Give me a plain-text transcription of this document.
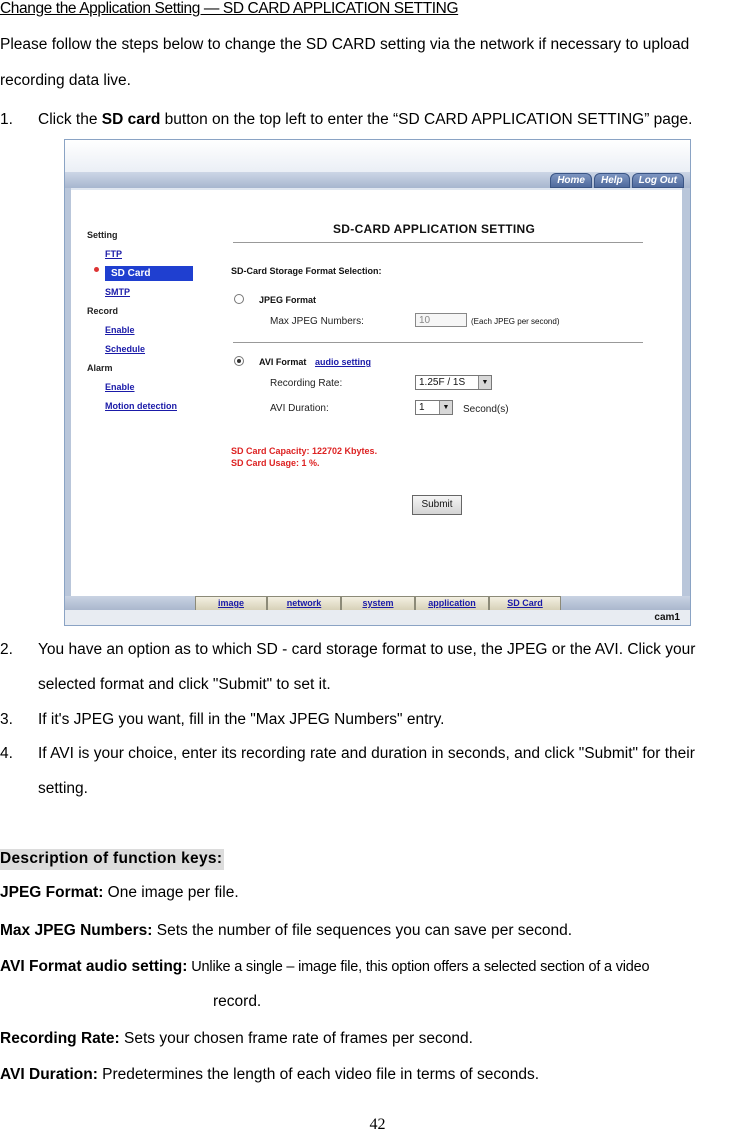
Change the Application Setting — SD CARD APPLICATION SETTING
Please follow the steps below to change the SD CARD setting via the network if necessary to upload
recording data live.
1. Click the SD card button on the top left to enter the “SD CARD APPLICATION SETTING” page.
Home	Help	Log Out
Setting
FTP
SD Card
SMTP
Record
Enable
Schedule
Alarm
Enable
Motion detection
SD-CARD APPLICATION SETTING
SD-Card Storage Format Selection:
JPEG Format
Max JPEG Numbers:	10	(Each JPEG per second)
AVI Format audio setting
Recording Rate:	1.25F / 1S	▼
AVI Duration:	1	▼ Second(s)
SD Card Capacity: 122702 Kbytes.
SD Card Usage: 1 %.
Submit
image	network	system	application	SD Card
cam1
2. You have an option as to which SD - card storage format to use, the JPEG or the AVI. Click your
selected format and click "Submit" to set it.
3. If it's JPEG you want, fill in the "Max JPEG Numbers" entry.
4. If AVI is your choice, enter its recording rate and duration in seconds, and click "Submit" for their
setting.
Description of function keys:
JPEG Format: One image per file.
Max JPEG Numbers: Sets the number of file sequences you can save per second.
AVI Format audio setting: Unlike a single – image file, this option offers a selected section of a video
record.
Recording Rate: Sets your chosen frame rate of frames per second.
AVI Duration: Predetermines the length of each video file in terms of seconds.
42
